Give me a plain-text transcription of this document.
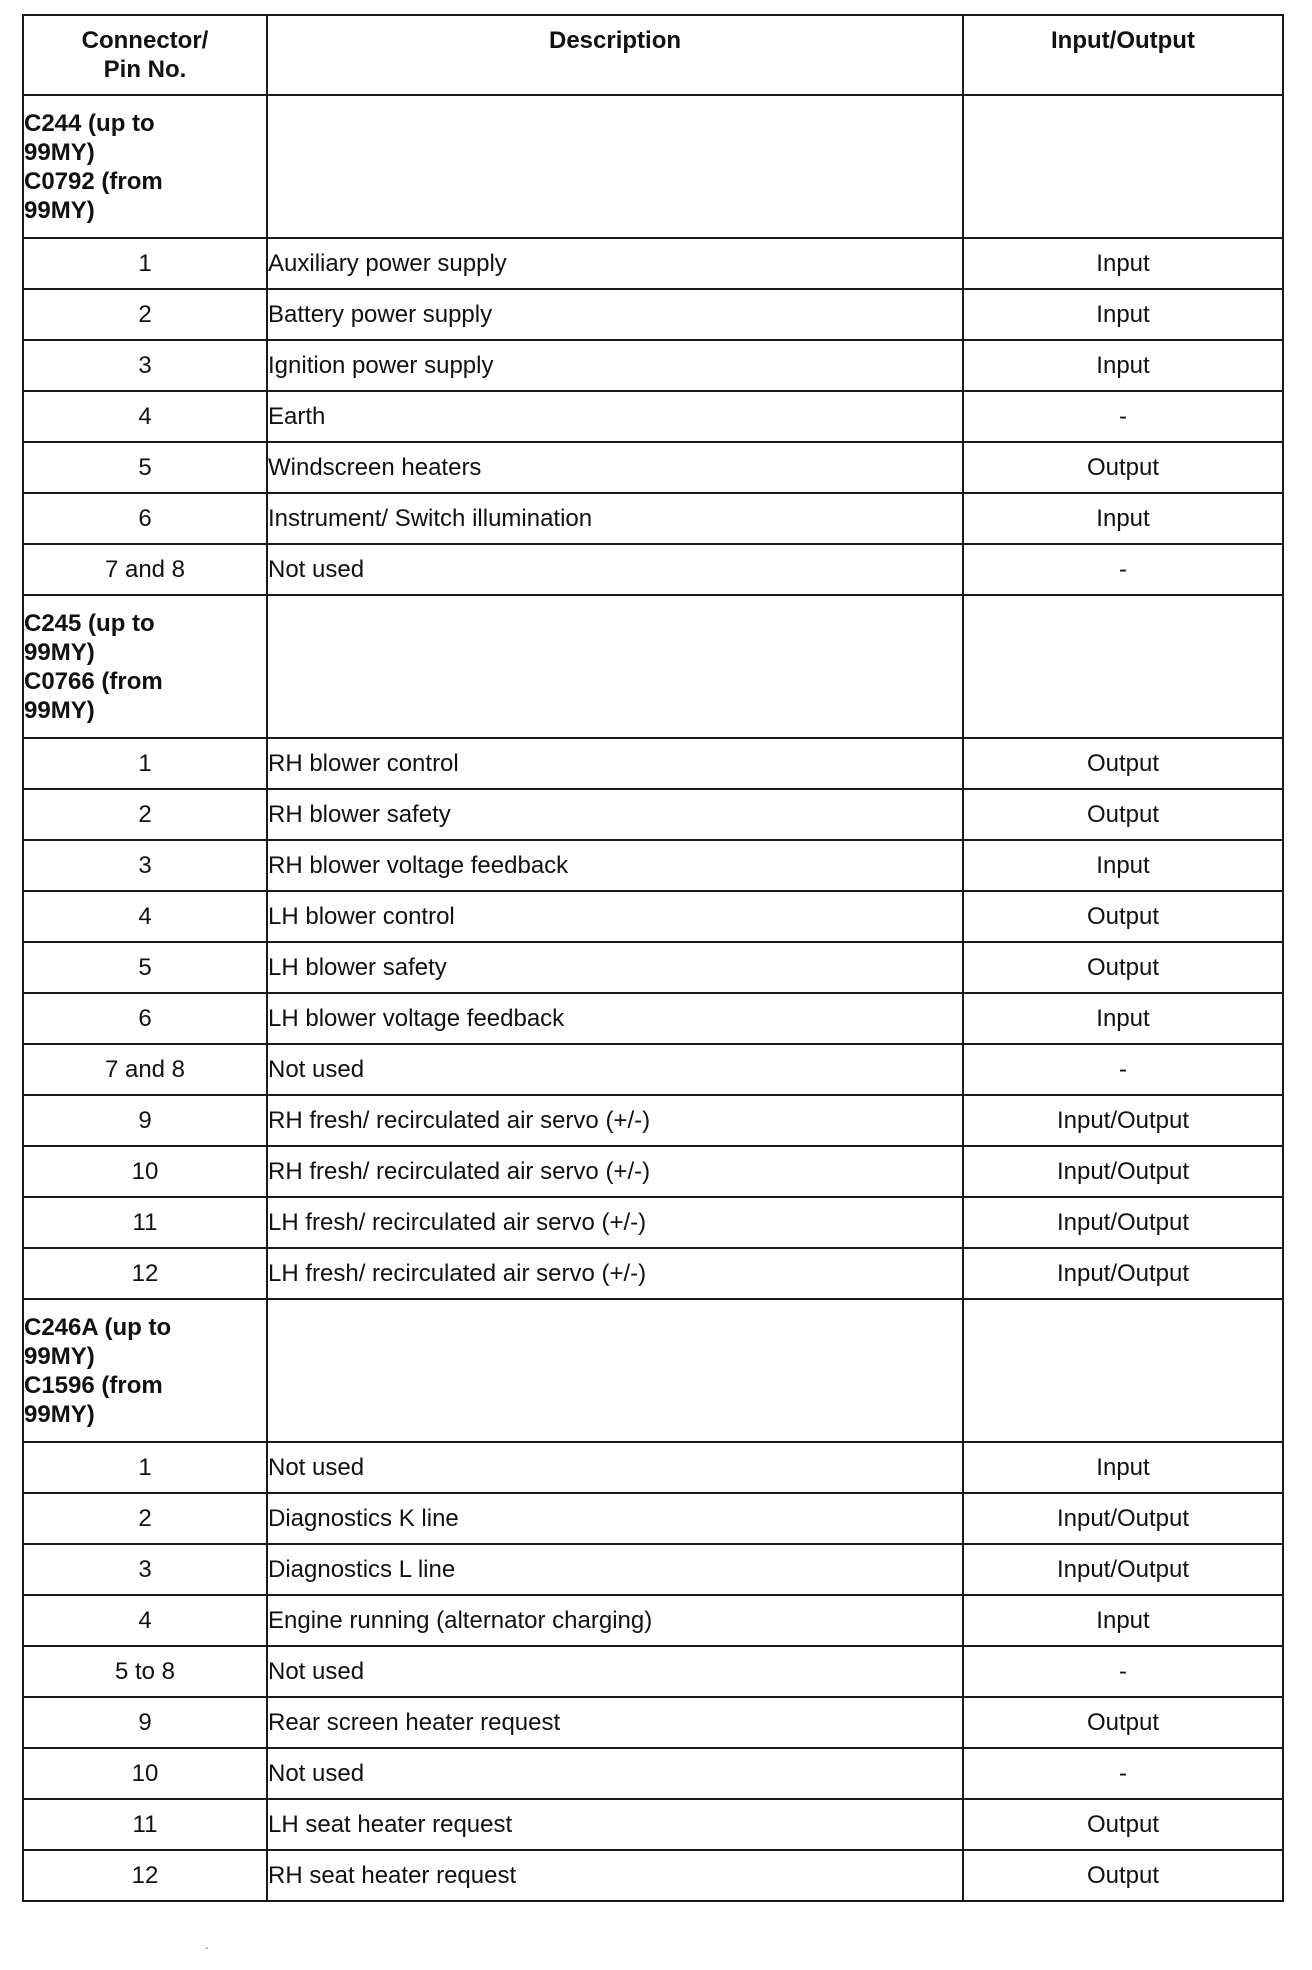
Connector/
Pin No.	Description	Input/Output
C244 (up to
99MY)
C0792 (from
99MY)		
1	Auxiliary power supply	Input
2	Battery power supply	Input
3	Ignition power supply	Input
4	Earth	-
5	Windscreen heaters	Output
6	Instrument/ Switch illumination	Input
7 and 8	Not used	-
C245 (up to
99MY)
C0766 (from
99MY)		
1	RH blower control	Output
2	RH blower safety	Output
3	RH blower voltage feedback	Input
4	LH blower control	Output
5	LH blower safety	Output
6	LH blower voltage feedback	Input
7 and 8	Not used	-
9	RH fresh/ recirculated air servo (+/-)	Input/Output
10	RH fresh/ recirculated air servo (+/-)	Input/Output
11	LH fresh/ recirculated air servo (+/-)	Input/Output
12	LH fresh/ recirculated air servo (+/-)	Input/Output
C246A (up to
99MY)
C1596 (from
99MY)		
1	Not used	Input
2	Diagnostics K line	Input/Output
3	Diagnostics L line	Input/Output
4	Engine running (alternator charging)	Input
5 to 8	Not used	-
9	Rear screen heater request	Output
10	Not used	-
11	LH seat heater request	Output
12	RH seat heater request	Output
‐
